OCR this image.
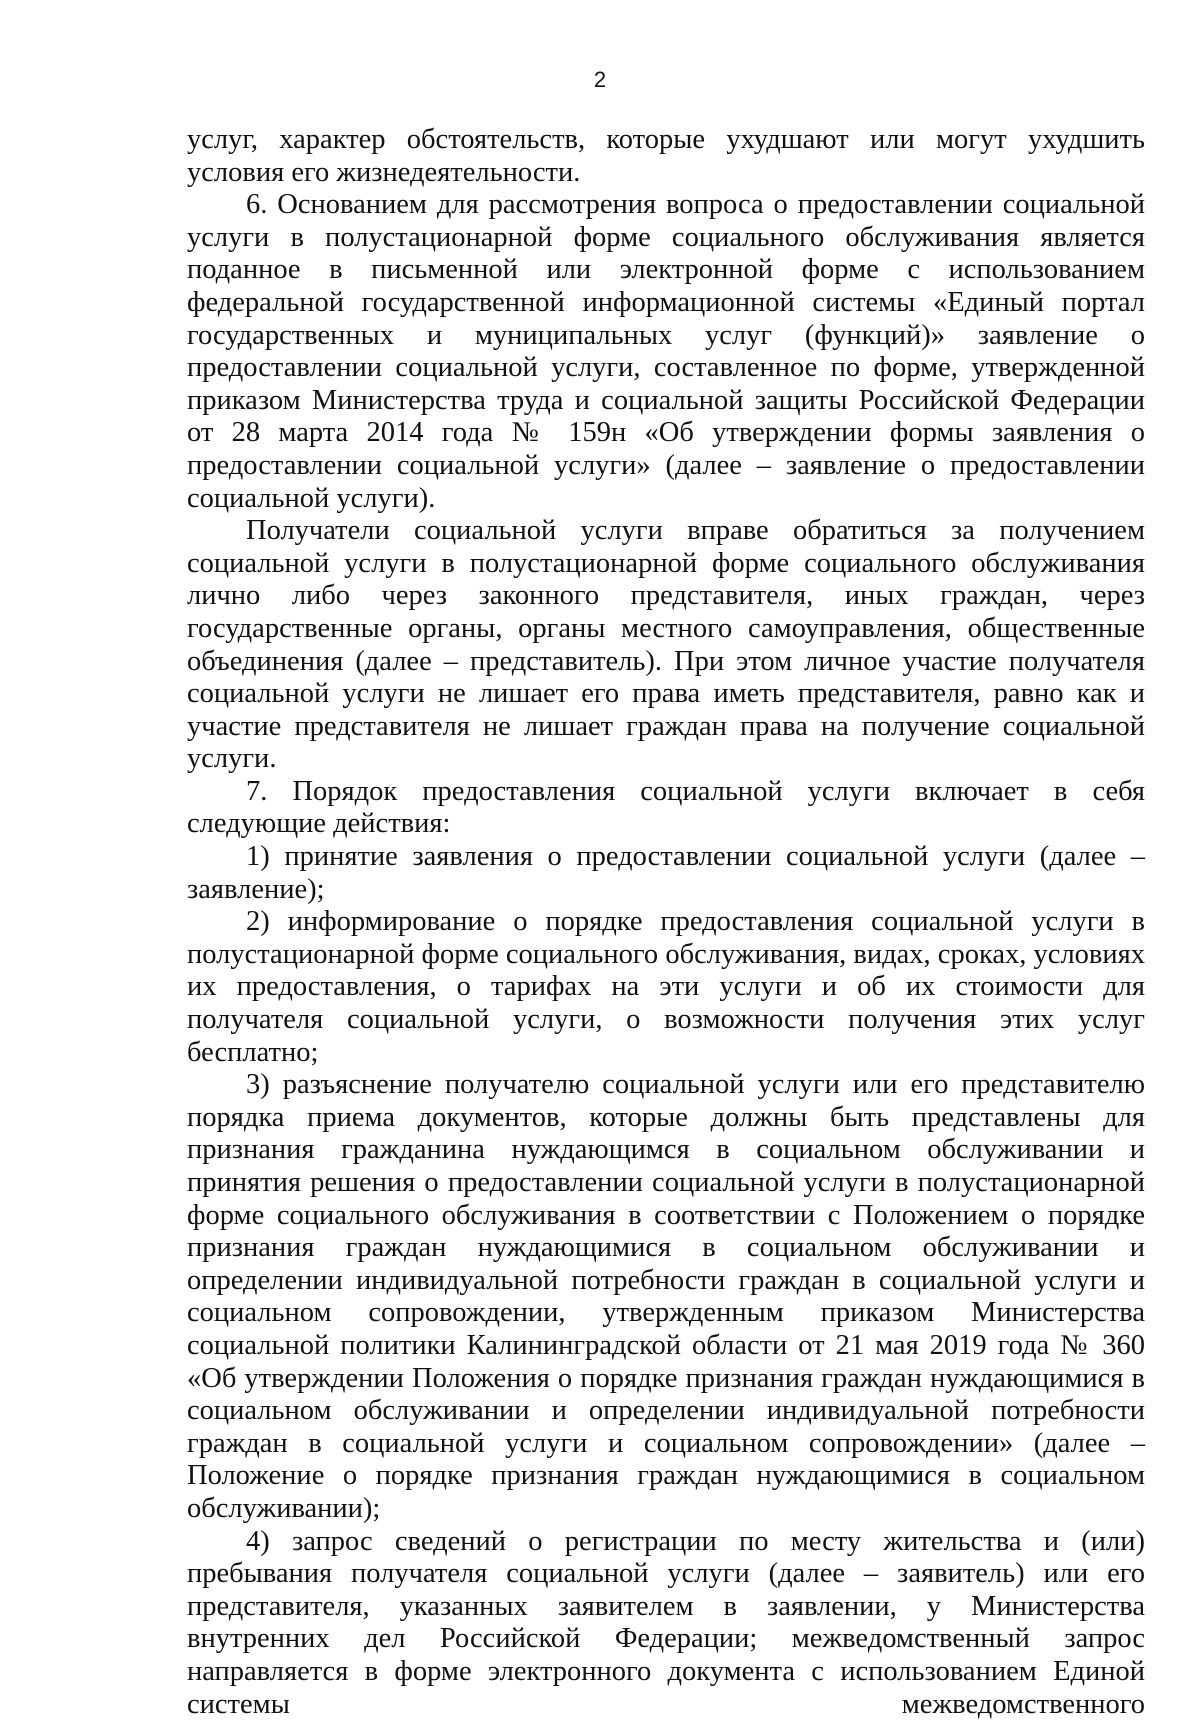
2

услуг, характер обстоятельств, которые ухудшают или могут ухудшить условия его жизнедеятельности.

6. Основанием для рассмотрения вопроса о предоставлении социальной услуги в полустационарной форме социального обслуживания является поданное в письменной или электронной форме с использованием федеральной государственной информационной системы «Единый портал государственных и муниципальных услуг (функций)» заявление о предоставлении социальной услуги, составленное по форме, утвержденной приказом Министерства труда и социальной защиты Российской Федерации от 28 марта 2014 года № 159н «Об утверждении формы заявления о предоставлении социальной услуги» (далее – заявление о предоставлении социальной услуги).

Получатели социальной услуги вправе обратиться за получением социальной услуги в полустационарной форме социального обслуживания лично либо через законного представителя, иных граждан, через государственные органы, органы местного самоуправления, общественные объединения (далее – представитель). При этом личное участие получателя социальной услуги не лишает его права иметь представителя, равно как и участие представителя не лишает граждан права на получение социальной услуги.

7. Порядок предоставления социальной услуги включает в себя следующие действия:

1) принятие заявления о предоставлении социальной услуги (далее – заявление);

2) информирование о порядке предоставления социальной услуги в полустационарной форме социального обслуживания, видах, сроках, условиях их предоставления, о тарифах на эти услуги и об их стоимости для получателя социальной услуги, о возможности получения этих услуг бесплатно;

3) разъяснение получателю социальной услуги или его представителю порядка приема документов, которые должны быть представлены для признания гражданина нуждающимся в социальном обслуживании и принятия решения о предоставлении социальной услуги в полустационарной форме социального обслуживания в соответствии с Положением о порядке признания граждан нуждающимися в социальном обслуживании и определении индивидуальной потребности граждан в социальной услуги и социальном сопровождении, утвержденным приказом Министерства социальной политики Калининградской области от 21 мая 2019 года № 360 «Об утверждении Положения о порядке признания граждан нуждающимися в социальном обслуживании и определении индивидуальной потребности граждан в социальной услуги и социальном сопровождении» (далее – Положение о порядке признания граждан нуждающимися в социальном обслуживании);

4) запрос сведений о регистрации по месту жительства и (или) пребывания получателя социальной услуги (далее – заявитель) или его представителя, указанных заявителем в заявлении, у Министерства внутренних дел Российской Федерации; межведомственный запрос направляется в форме электронного документа с использованием Единой системы межведомственного
